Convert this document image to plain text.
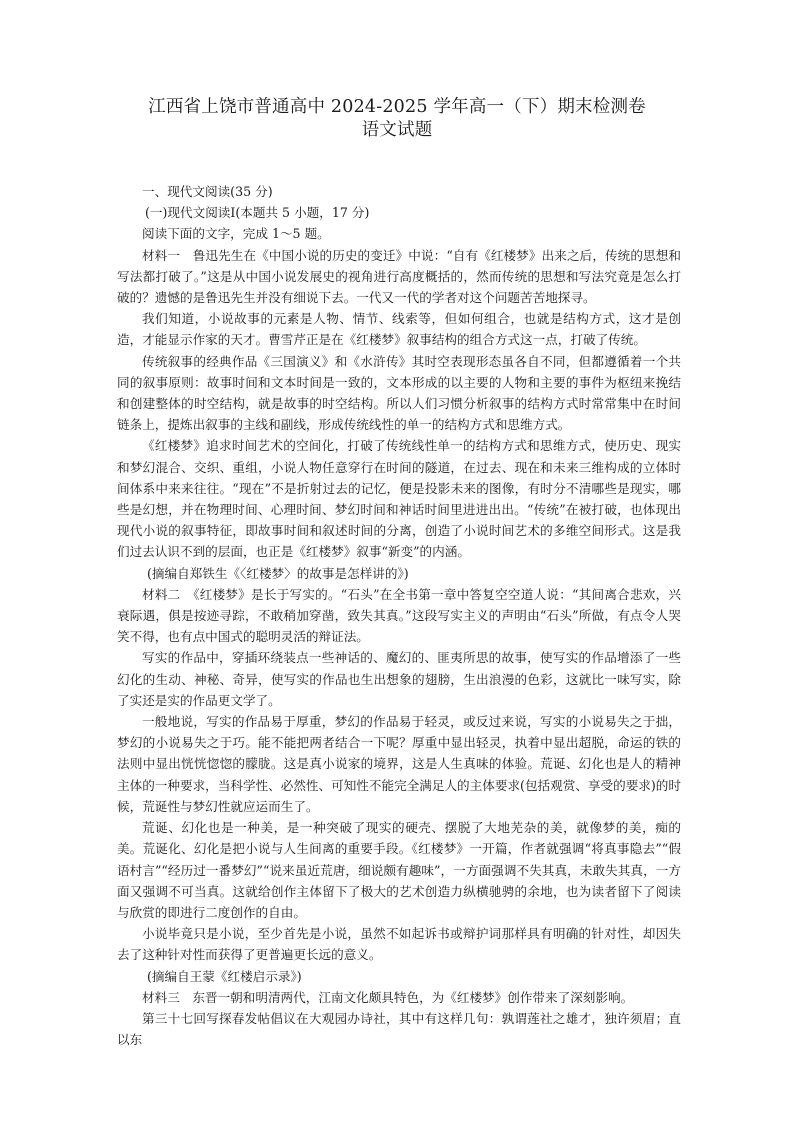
江西省上饶市普通高中 2024-2025 学年高一（下）期末检测卷
语文试题

一、现代文阅读(35 分)

(一)现代文阅读Ⅰ(本题共 5 小题，17 分)

阅读下面的文字，完成 1～5 题。

材料一　鲁迅先生在《中国小说的历史的变迁》中说：“自有《红楼梦》出来之后，传统的思想和写法都打破了。”这是从中国小说发展史的视角进行高度概括的，然而传统的思想和写法究竟是怎么打破的？遗憾的是鲁迅先生并没有细说下去。一代又一代的学者对这个问题苦苦地探寻。

我们知道，小说故事的元素是人物、情节、线索等，但如何组合，也就是结构方式，这才是创造，才能显示作家的天才。曹雪芹正是在《红楼梦》叙事结构的组合方式这一点，打破了传统。

传统叙事的经典作品《三国演义》和《水浒传》其时空表现形态虽各自不同，但都遵循着一个共同的叙事原则：故事时间和文本时间是一致的，文本形成的以主要的人物和主要的事件为枢纽来挽结和创建整体的时空结构，就是故事的时空结构。所以人们习惯分析叙事的结构方式时常常集中在时间链条上，提炼出叙事的主线和副线，形成传统线性的单一的结构方式和思维方式。

《红楼梦》追求时间艺术的空间化，打破了传统线性单一的结构方式和思维方式，使历史、现实和梦幻混合、交织、重组，小说人物任意穿行在时间的隧道，在过去、现在和未来三维构成的立体时间体系中来来往往。“现在”不是折射过去的记忆，便是投影未来的图像，有时分不清哪些是现实，哪些是幻想，并在物理时间、心理时间、梦幻时间和神话时间里进进出出。“传统”在被打破，也体现出现代小说的叙事特征，即故事时间和叙述时间的分离，创造了小说时间艺术的多维空间形式。这是我们过去认识不到的层面，也正是《红楼梦》叙事“新变”的内涵。

(摘编自郑铁生《〈红楼梦〉的故事是怎样讲的》)

材料二　《红楼梦》是长于写实的。“石头”在全书第一章中答复空空道人说：“其间离合悲欢，兴衰际遇，俱是按迹寻踪，不敢稍加穿凿，致失其真。”这段写实主义的声明由“石头”所做，有点令人哭笑不得，也有点中国式的聪明灵活的辩证法。

写实的作品中，穿插环绕装点一些神话的、魔幻的、匪夷所思的故事，使写实的作品增添了一些幻化的生动、神秘、奇异，使写实的作品也生出想象的翅膀，生出浪漫的色彩，这就比一味写实，除了实还是实的作品更文学了。

一般地说，写实的作品易于厚重，梦幻的作品易于轻灵，或反过来说，写实的小说易失之于拙，梦幻的小说易失之于巧。能不能把两者结合一下呢？厚重中显出轻灵，执着中显出超脱，命运的铁的法则中显出恍恍惚惚的朦胧。这是真小说家的境界，这是人生真味的体验。荒诞、幻化也是人的精神主体的一种要求，当科学性、必然性、可知性不能完全满足人的主体要求(包括观赏、享受的要求)的时候，荒诞性与梦幻性就应运而生了。

荒诞、幻化也是一种美，是一种突破了现实的硬壳、摆脱了大地芜杂的美，就像梦的美，痴的美。荒诞化、幻化是把小说与人生间离的重要手段。《红楼梦》一开篇，作者就强调“将真事隐去”“假语村言”“经历过一番梦幻”“说来虽近荒唐，细说颇有趣味”，一方面强调不失其真，未敢失其真，一方面又强调不可当真。这就给创作主体留下了极大的艺术创造力纵横驰骋的余地，也为读者留下了阅读与欣赏的即进行二度创作的自由。

小说毕竟只是小说，至少首先是小说，虽然不如起诉书或辩护词那样具有明确的针对性，却因失去了这种针对性而获得了更普遍更长远的意义。

(摘编自王蒙《红楼启示录》)

材料三　东晋一朝和明清两代，江南文化颇具特色，为《红楼梦》创作带来了深刻影响。

第三十七回写探春发帖倡议在大观园办诗社，其中有这样几句：孰谓莲社之雄才，独许须眉；直以东
